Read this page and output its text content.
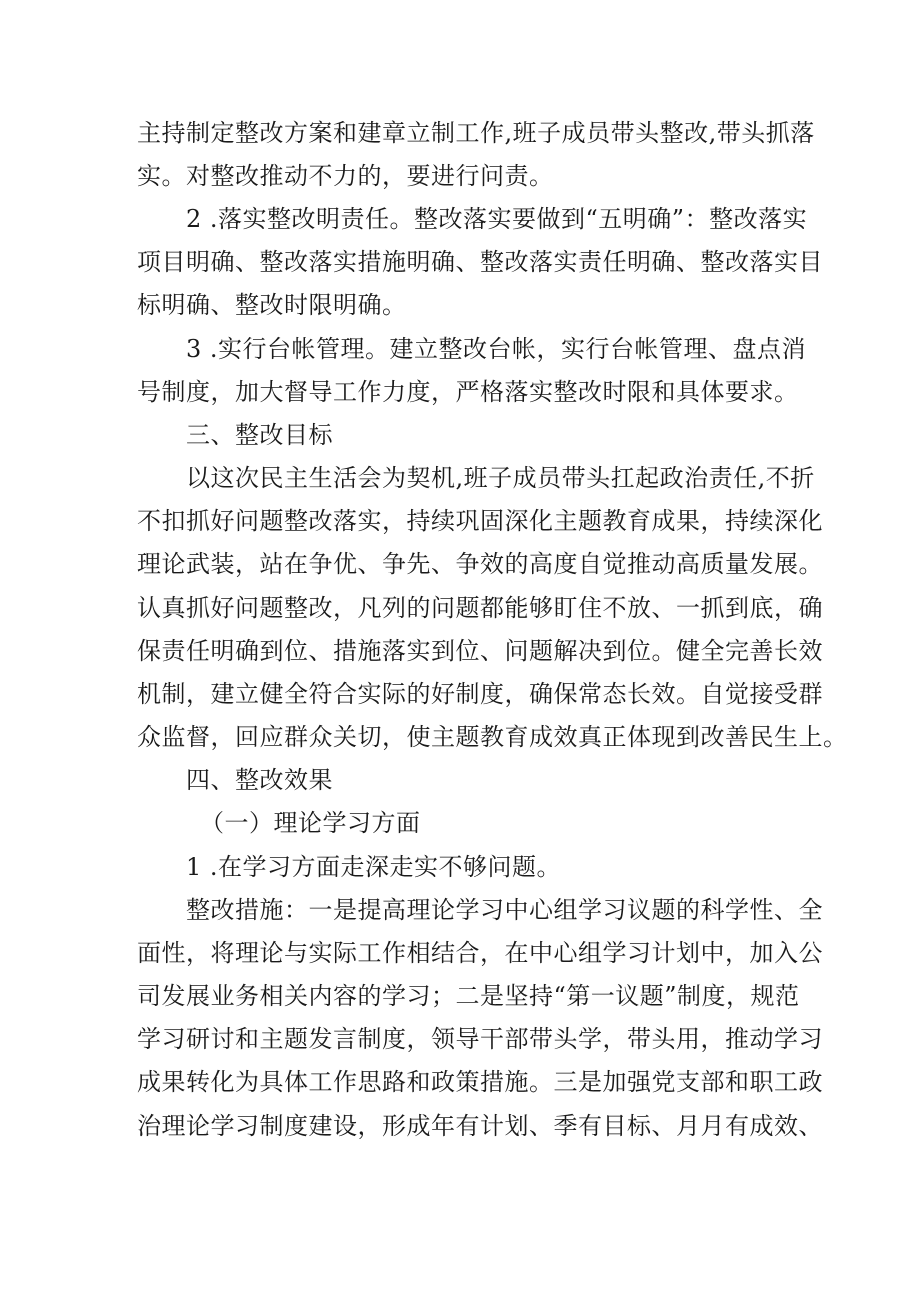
主持制定整改方案和建章立制工作,班子成员带头整改,带头抓落
实。对整改推动不力的，要进行问责。
2 .落实整改明责任。整改落实要做到“五明确”：整改落实
项目明确、整改落实措施明确、整改落实责任明确、整改落实目
标明确、整改时限明确。
3 .实行台帐管理。建立整改台帐，实行台帐管理、盘点消
号制度，加大督导工作力度，严格落实整改时限和具体要求。
三、整改目标
以这次民主生活会为契机,班子成员带头扛起政治责任,不折
不扣抓好问题整改落实，持续巩固深化主题教育成果，持续深化
理论武装，站在争优、争先、争效的高度自觉推动高质量发展。
认真抓好问题整改，凡列的问题都能够盯住不放、一抓到底，确
保责任明确到位、措施落实到位、问题解决到位。健全完善长效
机制，建立健全符合实际的好制度，确保常态长效。自觉接受群
众监督，回应群众关切，使主题教育成效真正体现到改善民生上。
四、整改效果
（一）理论学习方面
1 .在学习方面走深走实不够问题。
整改措施：一是提高理论学习中心组学习议题的科学性、全
面性，将理论与实际工作相结合，在中心组学习计划中，加入公
司发展业务相关内容的学习；二是坚持“第一议题”制度，规范
学习研讨和主题发言制度，领导干部带头学，带头用，推动学习
成果转化为具体工作思路和政策措施。三是加强党支部和职工政
治理论学习制度建设，形成年有计划、季有目标、月月有成效、
